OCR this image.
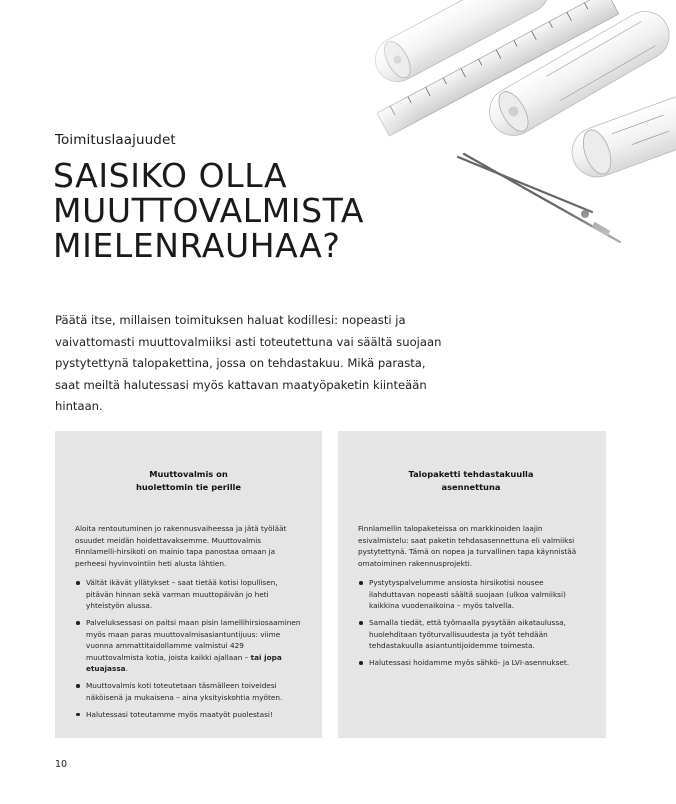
Toimituslaajuudet
SAISIKO OLLA
MUUTTOVALMISTA
MIELENRAUHAA?

Päätä itse, millaisen toimituksen haluat kodillesi: nopeasti ja vaivattomasti muuttovalmiiksi asti toteutettuna vai säältä suojaan pystytettynä talopakettina, jossa on tehdastakuu. Mikä parasta, saat meiltä halutessasi myös kattavan maatyöpaketin kiinteään hintaan.

Muuttovalmis on
huolettomin tie perille

Aloita rentoutuminen jo rakennusvaiheessa ja jätä työläät osuudet meidän hoidettavaksemme. Muuttovalmis Finnlamelli-hirsikoti on mainio tapa panostaa omaan ja perheesi hyvinvointiin heti alusta lähtien.

Vältät ikävät yllätykset – saat tietää kotisi lopullisen, pitävän hinnan sekä varman muuttopäivän jo heti yhteistyön alussa.
Palveluksessasi on paitsi maan pisin lamellihirsiosaaminen myös maan paras muuttovalmisasiantuntijuus: viime vuonna ammattitaidollamme valmistui 429 muuttovalmista kotia, joista kaikki ajallaan – tai jopa etuajassa.
Muuttovalmis koti toteutetaan täsmälleen toiveidesi näköisenä ja mukaisena – aina yksityiskohtia myöten.
Halutessasi toteutamme myös maatyöt puolestasi!
Talopaketti tehdastakuulla
asennettuna

Finnlamellin talopaketeissa on markkinoiden laajin esivalmistelu: saat paketin tehdasasennettuna eli valmiiksi pystytettynä. Tämä on nopea ja turvallinen tapa käynnistää omatoiminen rakennusprojekti.

Pystytyspalvelumme ansiosta hirsikotisi nousee ilahduttavan nopeasti säältä suojaan (ulkoa valmiiksi) kaikkina vuodenaikoina – myös talvella.
Samalla tiedät, että työmaalla pysytään aikataulussa, huolehditaan työturvallisuudesta ja työt tehdään tehdastakuulla asiantuntijoidemme toimesta.
Halutessasi hoidamme myös sähkö- ja LVI-asennukset.
10
